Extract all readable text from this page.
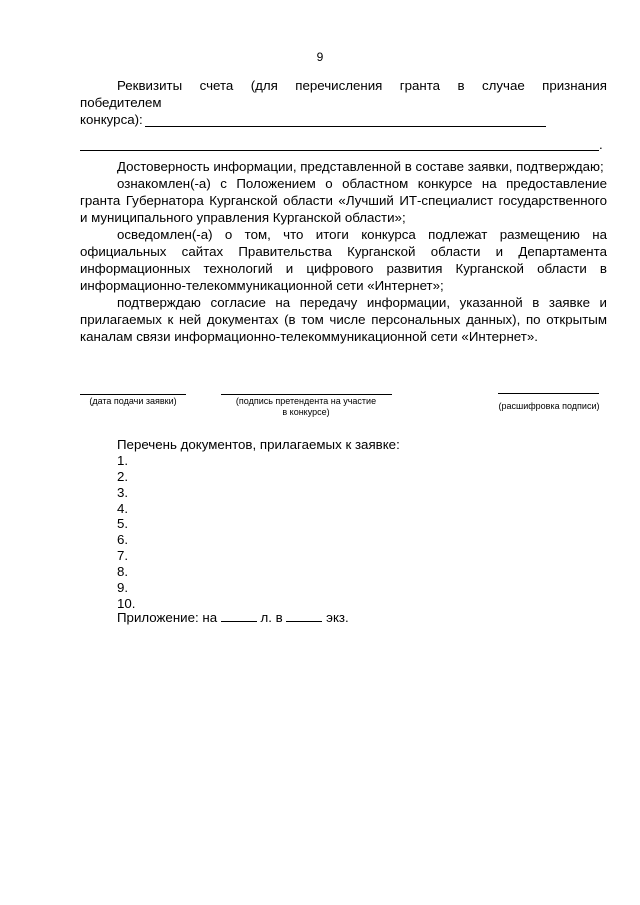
9
Реквизиты счета (для перечисления гранта в случае признания
победителем
конкурса):
.

Достоверность информации, представленной в составе заявки, подтверждаю;

ознакомлен(-а) с Положением о областном конкурсе на предоставление гранта Губернатора Курганской области «Лучший ИТ-специалист государственного и муниципального управления Курганской области»;

осведомлен(-а) о том, что итоги конкурса подлежат размещению на официальных сайтах Правительства Курганской области и Департамента информационных технологий и цифрового развития Курганской области в информационно-телекоммуникационной сети «Интернет»;

подтверждаю согласие на передачу информации, указанной в заявке и прилагаемых к ней документах (в том числе персональных данных), по открытым каналам связи информационно-телекоммуникационной сети «Интернет».

(дата подачи заявки)	(подпись претендента на участие
в конкурсе)
(расшифровка подписи)
Перечень документов, прилагаемых к заявке:
1.
2.
3.
4.
5.
6.
7.
8.
9.
10.
Приложение: на	л. в	экз.
